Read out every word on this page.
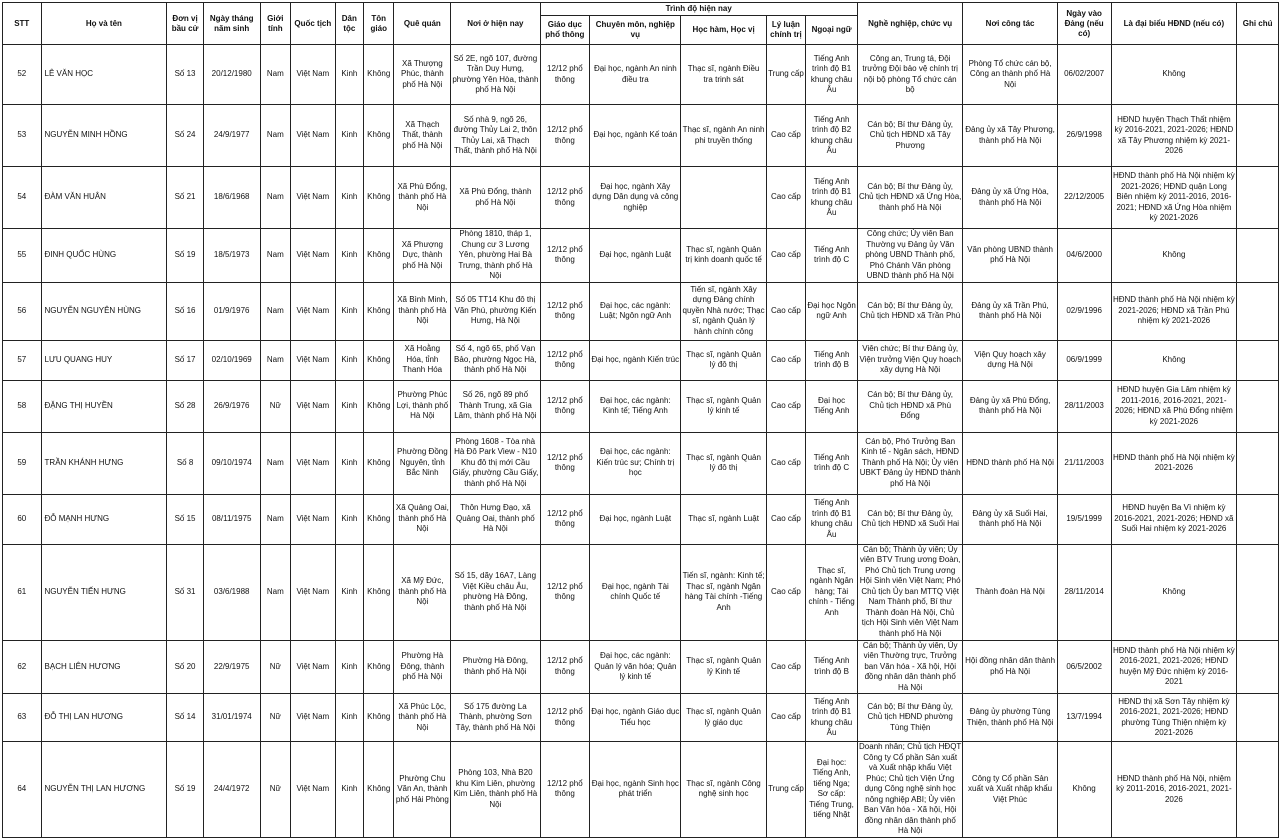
STT	Họ và tên	Đơn vị bầu cử	Ngày tháng năm sinh	Giới tính	Quốc tịch	Dân tộc	Tôn giáo	Quê quán	Nơi ở hiện nay	Trình độ hiện nay					Nghề nghiệp, chức vụ	Nơi công tác	Ngày vào Đảng (nếu có)	Là đại biểu HĐND (nếu có)	Ghi chú
										Giáo dục phổ thông	Chuyên môn, nghiệp vụ	Học hàm, Học vị	Lý luận chính trị	Ngoại ngữ					
52	LÊ VĂN HỌC	Số 13	20/12/1980	Nam	Việt Nam	Kinh	Không	Xã Thượng Phúc, thành phố Hà Nội	Số 2E, ngõ 107, đường Trần Duy Hưng, phường Yên Hòa, thành phố Hà Nội	12/12 phổ thông	Đại học, ngành An ninh điều tra	Thạc sĩ, ngành Điều tra trinh sát	Trung cấp	Tiếng Anh trình độ B1 khung châu Âu	Công an, Trung tá, Đội trưởng Đội bảo vệ chính trị nội bộ phòng Tổ chức cán bộ	Phòng Tổ chức cán bộ, Công an thành phố Hà Nội	06/02/2007	Không	
53	NGUYỄN MINH HỒNG	Số 24	24/9/1977	Nam	Việt Nam	Kinh	Không	Xã Thạch Thất, thành phố Hà Nội	Số nhà 9, ngõ 26, đường Thủy Lai 2, thôn Thủy Lai, xã Thạch Thất, thành phố Hà Nội	12/12 phổ thông	Đại học, ngành Kế toán	Thạc sĩ, ngành An ninh phi truyền thống	Cao cấp	Tiếng Anh trình độ B2 khung châu Âu	Cán bộ; Bí thư Đảng ủy, Chủ tịch HĐND xã Tây Phương	Đảng ủy xã Tây Phương, thành phố Hà Nội	26/9/1998	HĐND huyện Thạch Thất nhiệm kỳ 2016-2021, 2021-2026; HĐND xã Tây Phương nhiệm kỳ 2021-2026	
54	ĐÀM VĂN HUÂN	Số 21	18/6/1968	Nam	Việt Nam	Kinh	Không	Xã Phù Đổng, thành phố Hà Nội	Xã Phù Đổng, thành phố Hà Nội	12/12 phổ thông	Đại học, ngành Xây dựng Dân dụng và công nghiệp		Cao cấp	Tiếng Anh trình độ B1 khung châu Âu	Cán bộ; Bí thư Đảng ủy, Chủ tịch HĐND xã Ứng Hòa, thành phố Hà Nội	Đảng ủy xã Ứng Hòa, thành phố Hà Nội	22/12/2005	HĐND thành phố Hà Nội nhiệm kỳ 2021-2026; HĐND quận Long Biên nhiệm kỳ 2011-2016, 2016-2021; HĐND xã Ứng Hòa nhiệm kỳ 2021-2026	
55	ĐINH QUỐC HÙNG	Số 19	18/5/1973	Nam	Việt Nam	Kinh	Không	Xã Phượng Dực, thành phố Hà Nội	Phòng 1810, tháp 1, Chung cư 3 Lương Yên, phường Hai Bà Trưng, thành phố Hà Nội	12/12 phổ thông	Đại học, ngành Luật	Thạc sĩ, ngành Quản trị kinh doanh quốc tế	Cao cấp	Tiếng Anh trình độ C	Công chức; Ủy viên Ban Thường vụ Đảng ủy Văn phòng UBND Thành phố, Phó Chánh Văn phòng UBND thành phố Hà Nội	Văn phòng UBND thành phố Hà Nội	04/6/2000	Không	
56	NGUYỄN NGUYÊN HÙNG	Số 16	01/9/1976	Nam	Việt Nam	Kinh	Không	Xã Bình Minh, thành phố Hà Nội	Số 05 TT14 Khu đô thị Văn Phú, phường Kiến Hưng, Hà Nội	12/12 phổ thông	Đại học, các ngành: Luật; Ngôn ngữ Anh	Tiến sĩ, ngành Xây dựng Đảng chính quyền Nhà nước; Thạc sĩ, ngành Quản lý hành chính công	Cao cấp	Đại học Ngôn ngữ Anh	Cán bộ; Bí thư Đảng ủy, Chủ tịch HĐND xã Trần Phú	Đảng ủy xã Trần Phú, thành phố Hà Nội	02/9/1996	HĐND thành phố Hà Nội nhiệm kỳ 2021-2026; HĐND xã Trần Phú nhiệm kỳ 2021-2026	
57	LƯU QUANG HUY	Số 17	02/10/1969	Nam	Việt Nam	Kinh	Không	Xã Hoằng Hóa, tỉnh Thanh Hóa	Số 4, ngõ 65, phố Vạn Bảo, phường Ngọc Hà, thành phố Hà Nội	12/12 phổ thông	Đại học, ngành Kiến trúc	Thạc sĩ, ngành Quản lý đô thị	Cao cấp	Tiếng Anh trình độ B	Viên chức; Bí thư Đảng ủy, Viện trưởng Viện Quy hoạch xây dựng Hà Nội	Viện Quy hoạch xây dựng Hà Nội	06/9/1999	Không	
58	ĐẶNG THỊ HUYỀN	Số 28	26/9/1976	Nữ	Việt Nam	Kinh	Không	Phường Phúc Lợi, thành phố Hà Nội	Số 26, ngõ 89 phố Thành Trung, xã Gia Lâm, thành phố Hà Nội	12/12 phổ thông	Đại học, các ngành: Kinh tế; Tiếng Anh	Thạc sĩ, ngành Quản lý kinh tế	Cao cấp	Đại học Tiếng Anh	Cán bộ; Bí thư Đảng ủy, Chủ tịch HĐND xã Phù Đổng	Đảng ủy xã Phù Đổng, thành phố Hà Nội	28/11/2003	HĐND huyện Gia Lâm nhiệm kỳ 2011-2016, 2016-2021, 2021-2026; HĐND xã Phù Đổng nhiệm kỳ 2021-2026	
59	TRẦN KHÁNH HƯNG	Số 8	09/10/1974	Nam	Việt Nam	Kinh	Không	Phường Đồng Nguyên, tỉnh Bắc Ninh	Phòng 1608 - Tòa nhà Hà Đô Park View - N10 Khu đô thị mới Cầu Giấy, phường Cầu Giấy, thành phố Hà Nội	12/12 phổ thông	Đại học, các ngành: Kiến trúc sư; Chính trị học	Thạc sĩ, ngành Quản lý đô thị	Cao cấp	Tiếng Anh trình độ C	Cán bộ, Phó Trưởng Ban Kinh tế - Ngân sách, HĐND Thành phố Hà Nội; Ủy viên UBKT Đảng ủy HĐND thành phố Hà Nội	HĐND thành phố Hà Nội	21/11/2003	HĐND thành phố Hà Nội nhiệm kỳ 2021-2026	
60	ĐỖ MẠNH HƯNG	Số 15	08/11/1975	Nam	Việt Nam	Kinh	Không	Xã Quảng Oai, thành phố Hà Nội	Thôn Hưng Đạo, xã Quảng Oai, thành phố Hà Nội	12/12 phổ thông	Đại học, ngành Luật	Thạc sĩ, ngành Luật	Cao cấp	Tiếng Anh trình độ B1 khung châu Âu	Cán bộ; Bí thư Đảng ủy, Chủ tịch HĐND xã Suối Hai	Đảng ủy xã Suối Hai, thành phố Hà Nội	19/5/1999	HĐND huyện Ba Vì nhiệm kỳ 2016-2021, 2021-2026; HĐND xã Suối Hai nhiệm kỳ 2021-2026	
61	NGUYỄN TIẾN HƯNG	Số 31	03/6/1988	Nam	Việt Nam	Kinh	Không	Xã Mỹ Đức, thành phố Hà Nội	Số 15, dãy 16A7, Làng Việt Kiều châu Âu, phường Hà Đông, thành phố Hà Nội	12/12 phổ thông	Đại học, ngành Tài chính Quốc tế	Tiến sĩ, ngành: Kinh tế; Thạc sĩ, ngành Ngân hàng Tài chính -Tiếng Anh	Cao cấp	Thạc sĩ, ngành Ngân hàng; Tài chính - Tiếng Anh	Cán bộ; Thành ủy viên; Ủy viên BTV Trung ương Đoàn, Phó Chủ tịch Trung ương Hội Sinh viên Việt Nam; Phó Chủ tịch Ủy ban MTTQ Việt Nam Thành phố, Bí thư Thành đoàn Hà Nội, Chủ tịch Hội Sinh viên Việt Nam thành phố Hà Nội	Thành đoàn Hà Nội	28/11/2014	Không	
62	BẠCH LIÊN HƯƠNG	Số 20	22/9/1975	Nữ	Việt Nam	Kinh	Không	Phường Hà Đông, thành phố Hà Nội	Phường Hà Đông, thành phố Hà Nội	12/12 phổ thông	Đại học, các ngành: Quản lý văn hóa; Quản lý kinh tế	Thạc sĩ, ngành Quản lý Kinh tế	Cao cấp	Tiếng Anh trình độ B	Cán bộ; Thành ủy viên, Ủy viên Thường trực, Trưởng ban Văn hóa - Xã hội, Hội đồng nhân dân thành phố Hà Nội	Hội đồng nhân dân thành phố Hà Nội	06/5/2002	HĐND thành phố Hà Nội nhiệm kỳ 2016-2021, 2021-2026; HĐND huyện Mỹ Đức nhiệm kỳ 2016-2021	
63	ĐỖ THỊ LAN HƯƠNG	Số 14	31/01/1974	Nữ	Việt Nam	Kinh	Không	Xã Phúc Lộc, thành phố Hà Nội	Số 175 đường La Thành, phường Sơn Tây, thành phố Hà Nội	12/12 phổ thông	Đại học, ngành Giáo dục Tiểu học	Thạc sĩ, ngành Quản lý giáo dục	Cao cấp	Tiếng Anh trình độ B1 khung châu Âu	Cán bộ; Bí thư Đảng ủy, Chủ tịch HĐND phường Tùng Thiện	Đảng ủy phường Tùng Thiện, thành phố Hà Nội	13/7/1994	HĐND thị xã Sơn Tây nhiệm kỳ 2016-2021, 2021-2026; HĐND phường Tùng Thiện nhiệm kỳ 2021-2026	
64	NGUYỄN THỊ LAN HƯƠNG	Số 19	24/4/1972	Nữ	Việt Nam	Kinh	Không	Phường Chu Văn An, thành phố Hải Phòng	Phòng 103, Nhà B20 khu Kim Liên, phường Kim Liên, thành phố Hà Nội	12/12 phổ thông	Đại học, ngành Sinh học phát triển	Thạc sĩ, ngành Công nghệ sinh học	Trung cấp	Đại học: Tiếng Anh, tiếng Nga; Sơ cấp: Tiếng Trung, tiếng Nhật	Doanh nhân; Chủ tịch HĐQT Công ty Cổ phần Sản xuất và Xuất nhập khẩu Việt Phúc; Chủ tịch Viện Ứng dụng Công nghệ sinh học nông nghiệp ABI; Ủy viên Ban Văn hóa - Xã hội, Hội đồng nhân dân thành phố Hà Nội	Công ty Cổ phần Sản xuất và Xuất nhập khẩu Việt Phúc	Không	HĐND thành phố Hà Nội, nhiệm kỳ 2011-2016, 2016-2021, 2021-2026	
